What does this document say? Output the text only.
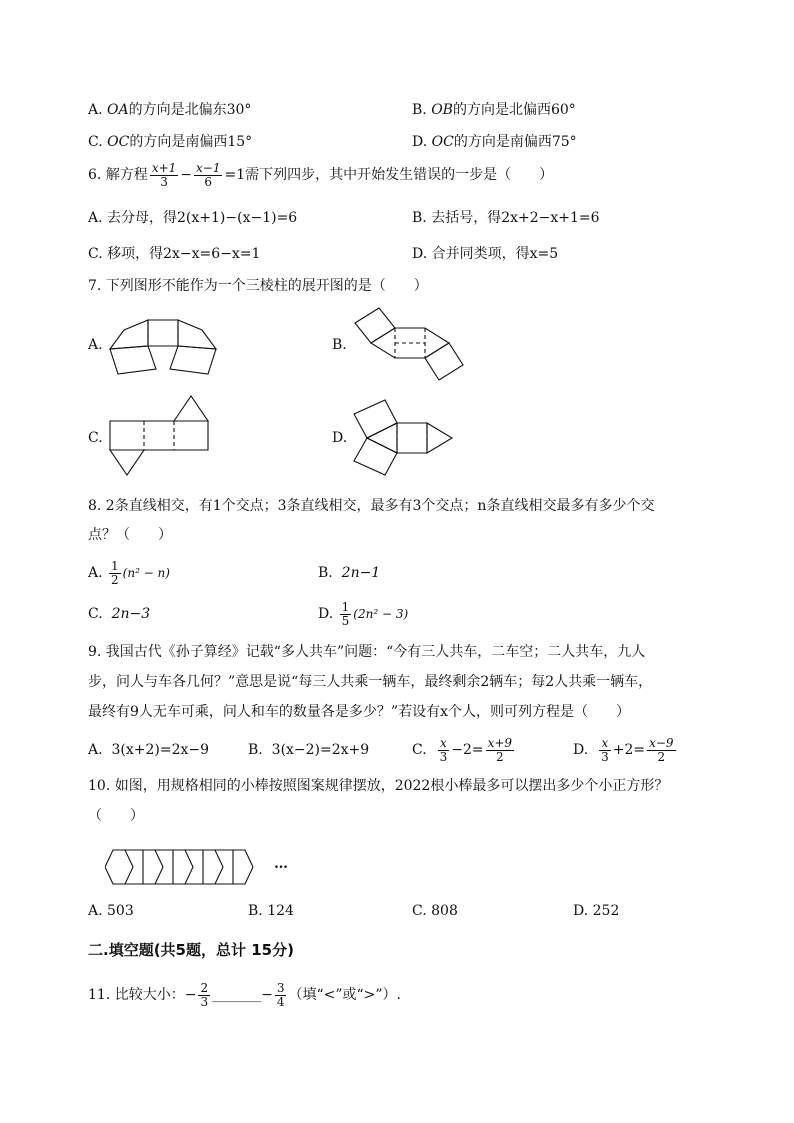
A. OA的方向是北偏东30°	B. OB的方向是北偏西60°
C. OC的方向是南偏西15°	D. OC的方向是南偏西75°
6. 解方程 $\frac{x+1}{3} - \frac{x-1}{6} =1$需下列四步，其中开始发生错误的一步是（　　）
A. 去分母，得2(x+1)−(x−1)=6	B. 去括号，得2x+2−x+1=6
C. 移项，得2x−x=6−x=1	D. 合并同类项，得x=5
7. 下列图形不能作为一个三棱柱的展开图的是（　　）
A.	B.
C.	D.
8. 2条直线相交，有1个交点；3条直线相交，最多有3个交点；n条直线相交最多有多少个交
点？（　　）
A. $\frac{1}{2} (n^2 - n)$	B. 2n−1
C. 2n−3	D. $\frac{1}{5} (2n^2 - 3)$
9. 我国古代《孙子算经》记载“多人共车”问题：“今有三人共车，二车空；二人共车，九人
步，问人与车各几何？”意思是说“每三人共乘一辆车，最终剩余2辆车；每2人共乘一辆车，
最终有9人无车可乘，问人和车的数量各是多少？”若设有x个人，则可列方程是（　　）
A. 3(x+2)=2x−9	B. 3(x−2)=2x+9	C. $\frac{x}{3} -2= \frac{x+9}{2}$	D. $\frac{x}{3} +2= \frac{x-9}{2}$
10. 如图，用规格相同的小棒按照图案规律摆放，2022根小棒最多可以摆出多少个小正方形？
（　　）
…
A. 503	B. 124	C. 808	D. 252
二.填空题(共5题，总计 15分)
11. 比较大小：− $\frac{2}{3}$ _______− $\frac{3}{4}$ （填“<”或“>”）.
